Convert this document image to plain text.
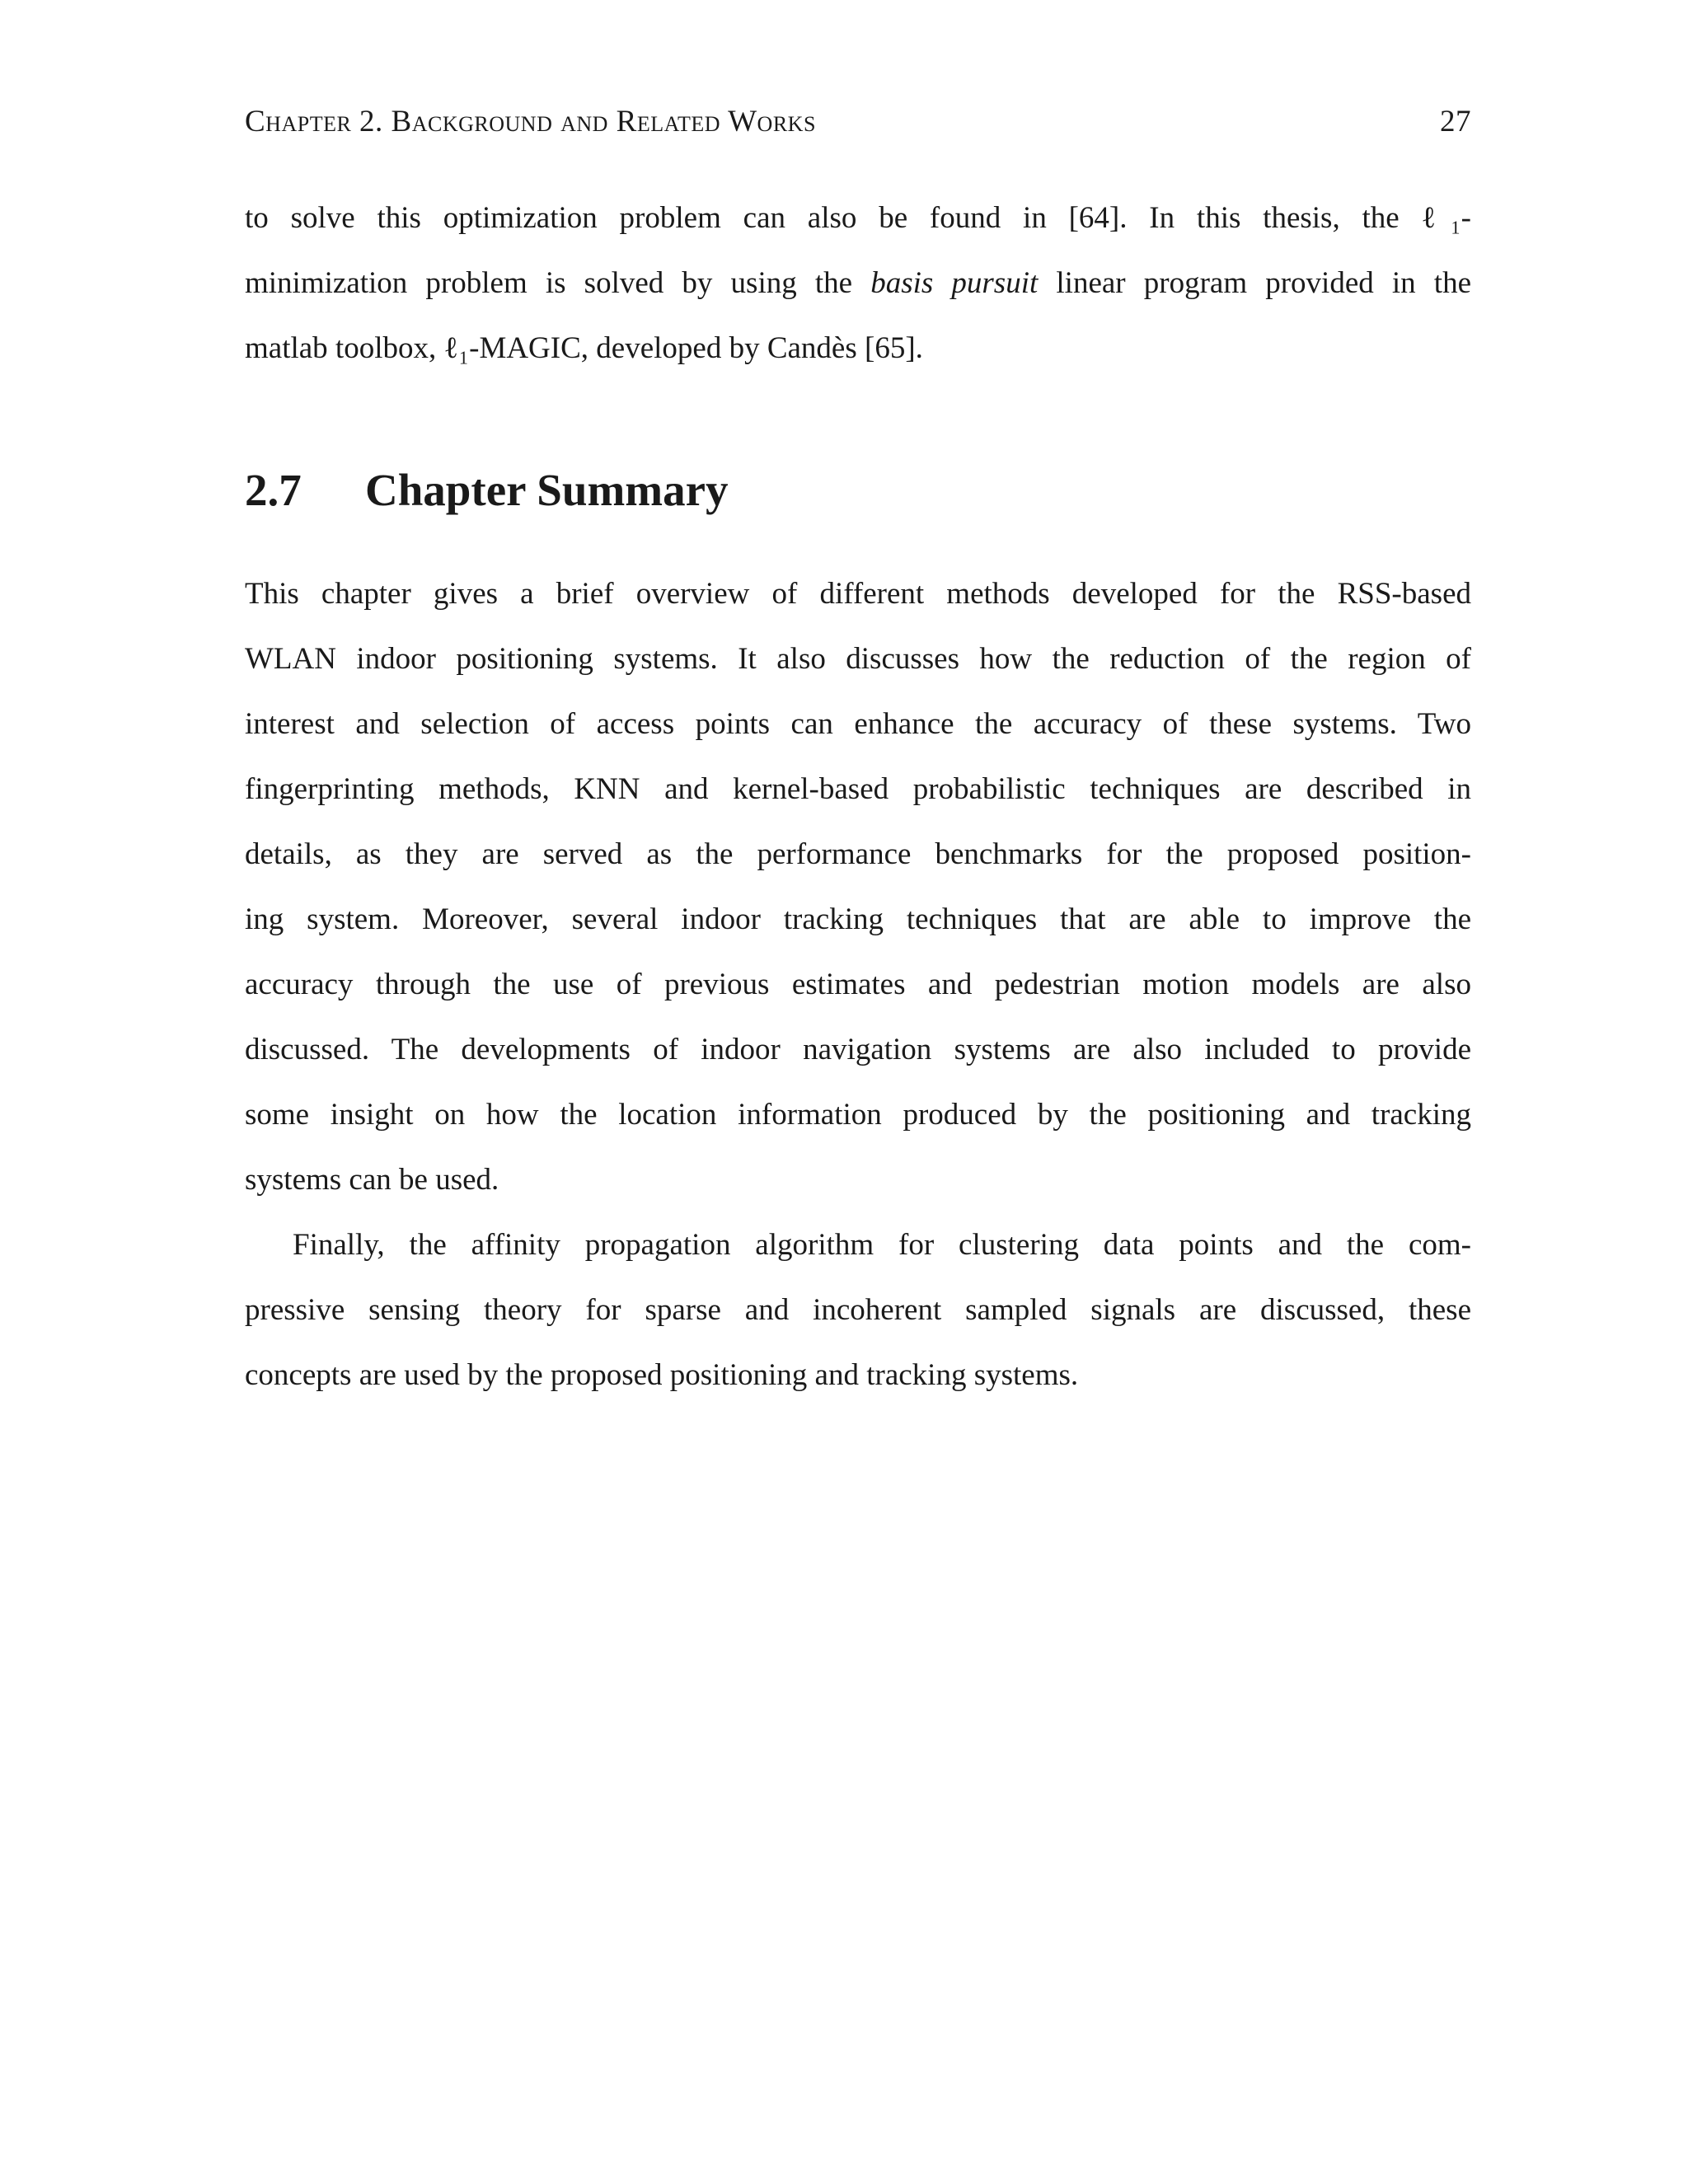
Chapter 2. Background and Related Works	27
to solve this optimization problem can also be found in [64]. In this thesis, the ℓ₁-
minimization problem is solved by using the basis pursuit linear program provided in the
matlab toolbox, ℓ₁-MAGIC, developed by Candès [65].
2.7 Chapter Summary
This chapter gives a brief overview of different methods developed for the RSS-based
WLAN indoor positioning systems. It also discusses how the reduction of the region of
interest and selection of access points can enhance the accuracy of these systems. Two
fingerprinting methods, KNN and kernel-based probabilistic techniques are described in
details, as they are served as the performance benchmarks for the proposed position-
ing system. Moreover, several indoor tracking techniques that are able to improve the
accuracy through the use of previous estimates and pedestrian motion models are also
discussed. The developments of indoor navigation systems are also included to provide
some insight on how the location information produced by the positioning and tracking
systems can be used.
Finally, the affinity propagation algorithm for clustering data points and the com-
pressive sensing theory for sparse and incoherent sampled signals are discussed, these
concepts are used by the proposed positioning and tracking systems.
